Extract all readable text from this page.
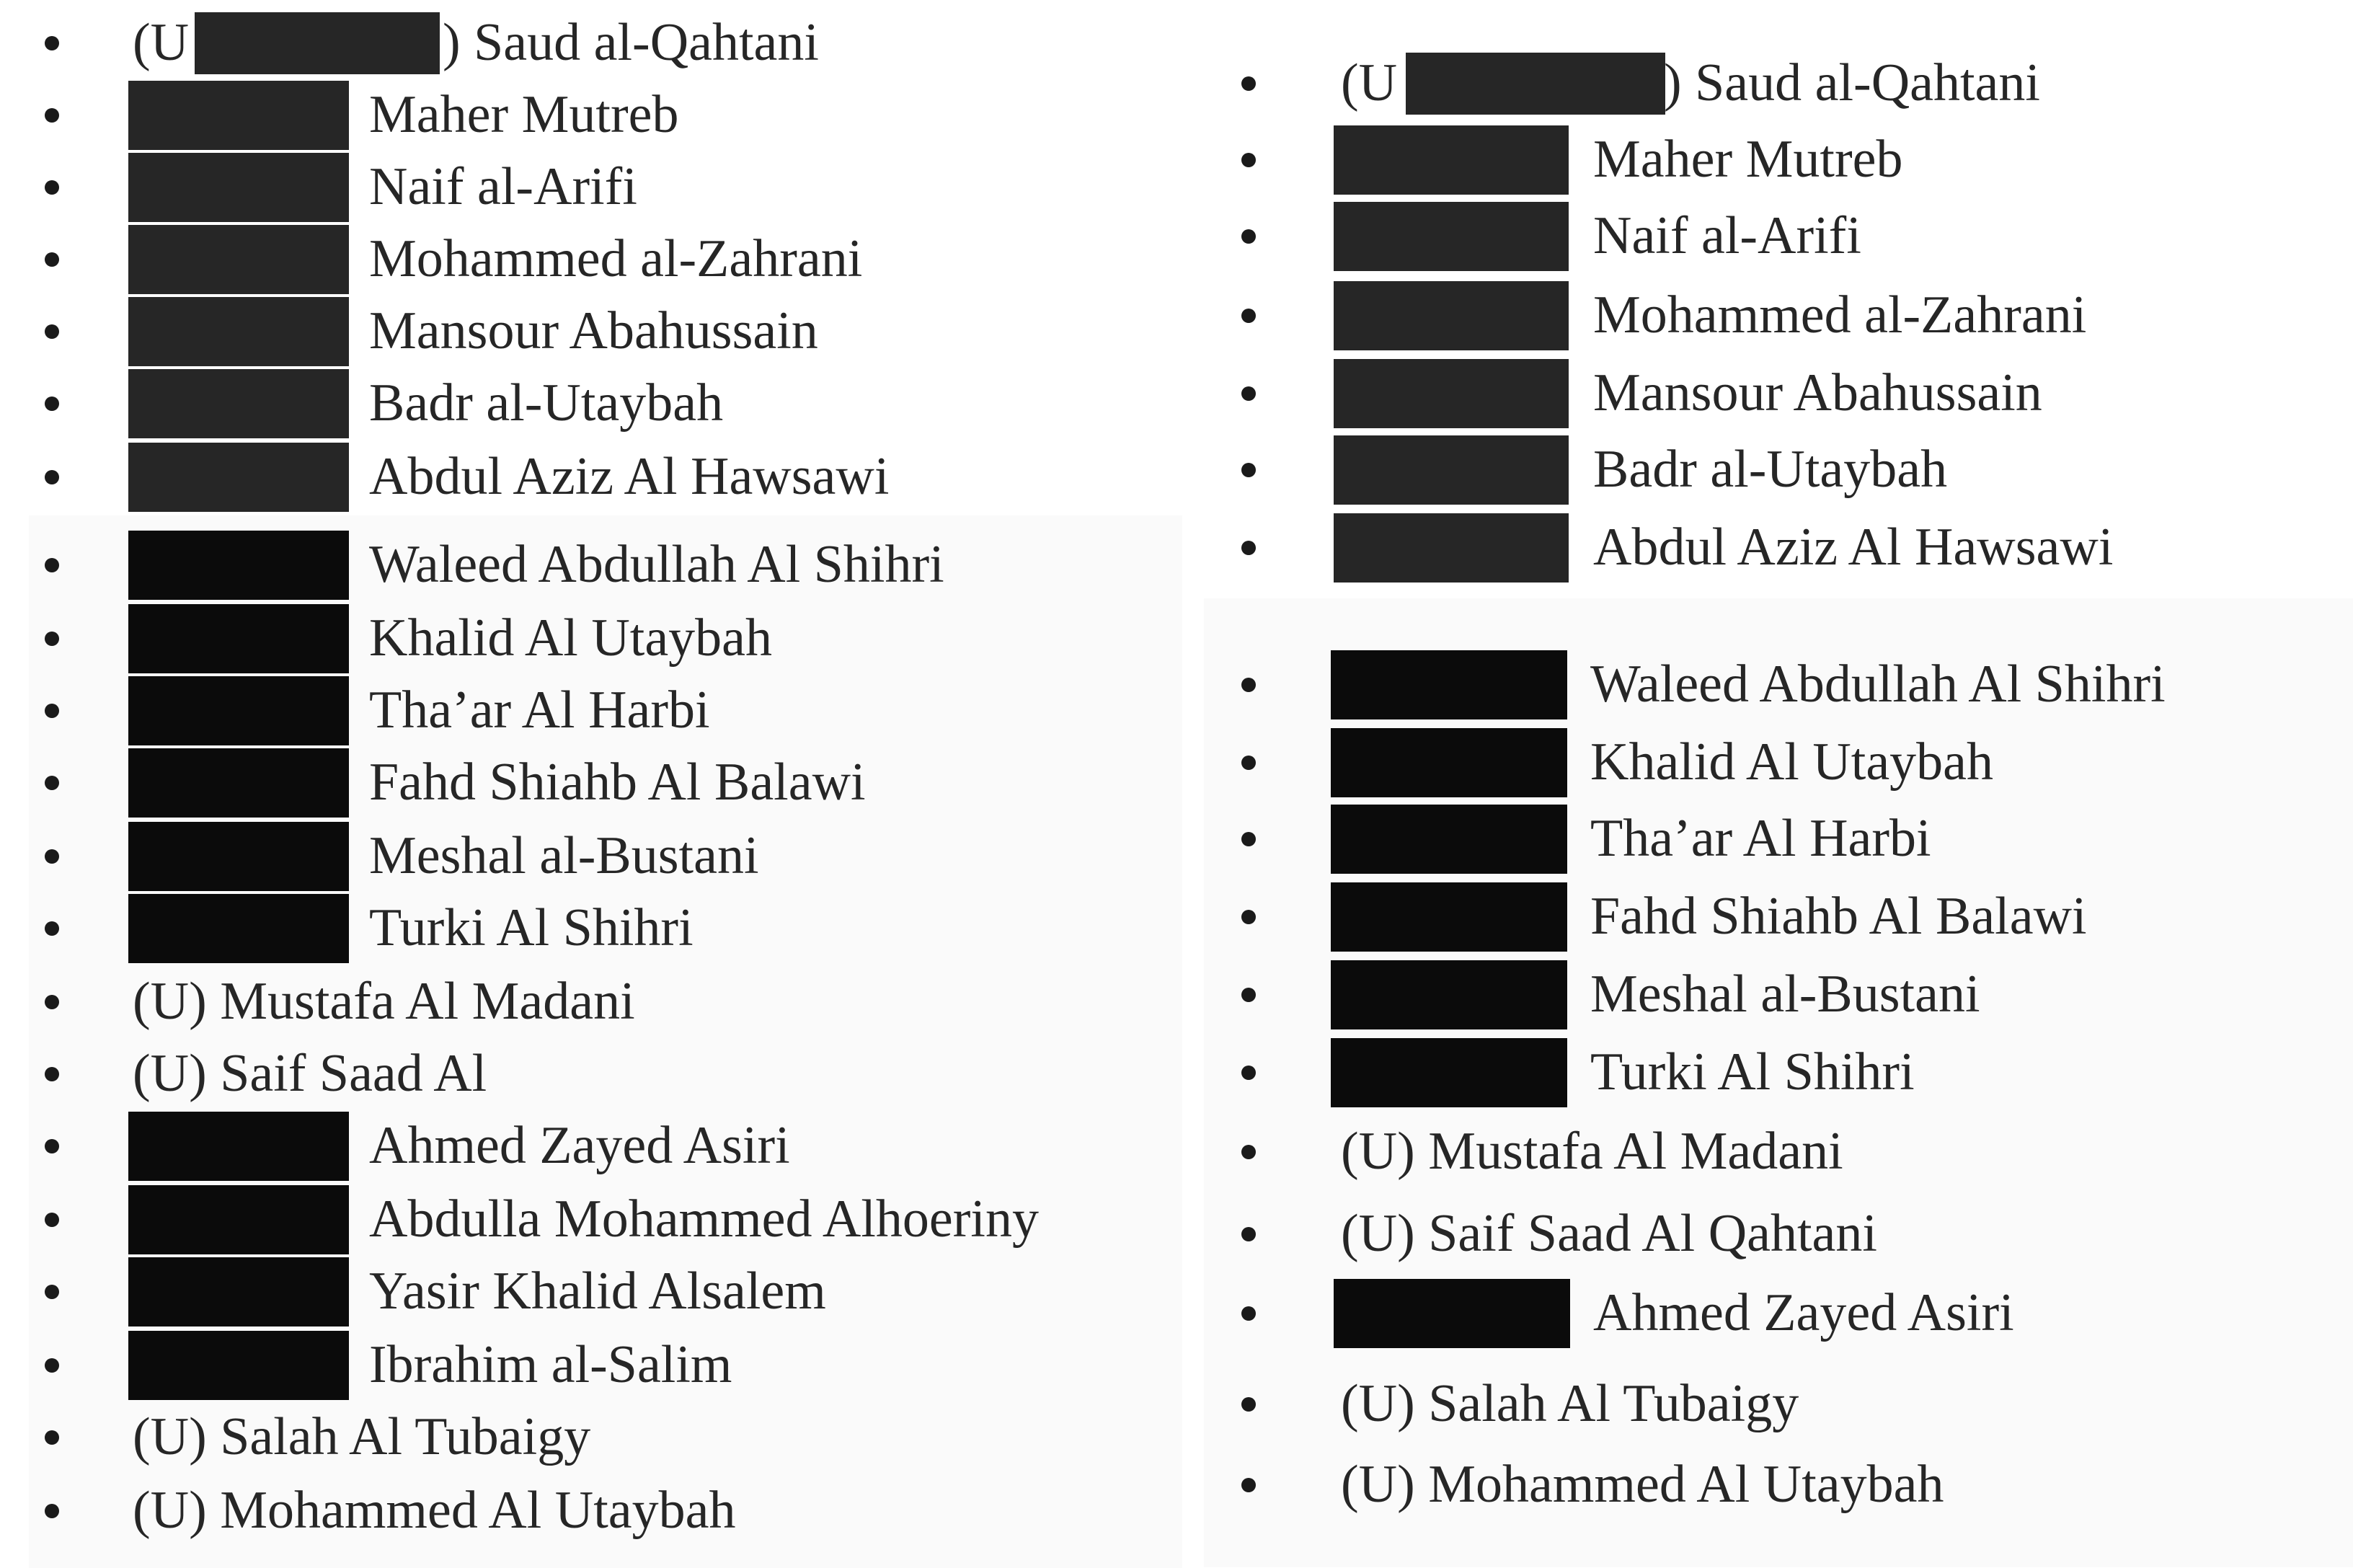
(U	) Saud al-Qahtani
Maher Mutreb
Naif al-Arifi
Mohammed al-Zahrani
Mansour Abahussain
Badr al-Utaybah
Abdul Aziz Al Hawsawi
Waleed Abdullah Al Shihri
Khalid Al Utaybah
Tha’ar Al Harbi
Fahd Shiahb Al Balawi
Meshal al-Bustani
Turki Al Shihri
(U) Mustafa Al Madani
(U) Saif Saad Al
Ahmed Zayed Asiri
Abdulla Mohammed Alhoeriny
Yasir Khalid Alsalem
Ibrahim al-Salim
(U) Salah Al Tubaigy
(U) Mohammed Al Utaybah
(U	) Saud al-Qahtani
Maher Mutreb
Naif al-Arifi
Mohammed al-Zahrani
Mansour Abahussain
Badr al-Utaybah
Abdul Aziz Al Hawsawi
Waleed Abdullah Al Shihri
Khalid Al Utaybah
Tha’ar Al Harbi
Fahd Shiahb Al Balawi
Meshal al-Bustani
Turki Al Shihri
(U) Mustafa Al Madani
(U) Saif Saad Al Qahtani
Ahmed Zayed Asiri
(U) Salah Al Tubaigy
(U) Mohammed Al Utaybah
